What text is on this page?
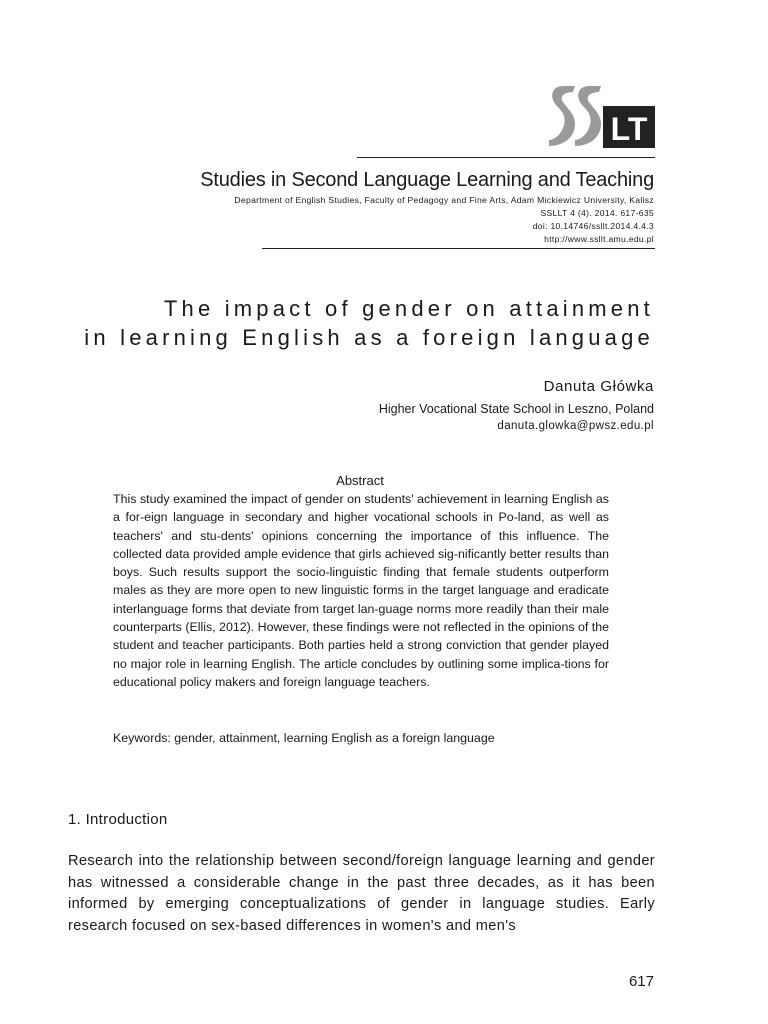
LT
Studies in Second Language Learning and Teaching
Department of English Studies, Faculty of Pedagogy and Fine Arts, Adam Mickiewicz University, Kalisz
SSLLT 4 (4). 2014. 617-635
doi: 10.14746/ssllt.2014.4.4.3
http://www.ssllt.amu.edu.pl
The impact of gender on attainment
in learning English as a foreign language
Danuta Główka
Higher Vocational State School in Leszno, Poland
danuta.glowka@pwsz.edu.pl
Abstract
This study examined the impact of gender on students' achievement in learning English as a for-eign language in secondary and higher vocational schools in Po-land, as well as teachers' and stu-dents' opinions concerning the importance of this influence. The collected data provided ample evidence that girls achieved sig-nificantly better results than boys. Such results support the socio-linguistic finding that female students outperform males as they are more open to new linguistic forms in the target language and eradicate interlanguage forms that deviate from target lan-guage norms more readily than their male counterparts (Ellis, 2012). However, these findings were not reflected in the opinions of the student and teacher participants. Both parties held a strong conviction that gender played no major role in learning English. The article concludes by outlining some implica-tions for educational policy makers and foreign language teachers.
Keywords: gender, attainment, learning English as a foreign language
1. Introduction
Research into the relationship between second/foreign language learning and gender has witnessed a considerable change in the past three decades, as it has been informed by emerging conceptualizations of gender in language studies. Early research focused on sex-based differences in women's and men's
617
